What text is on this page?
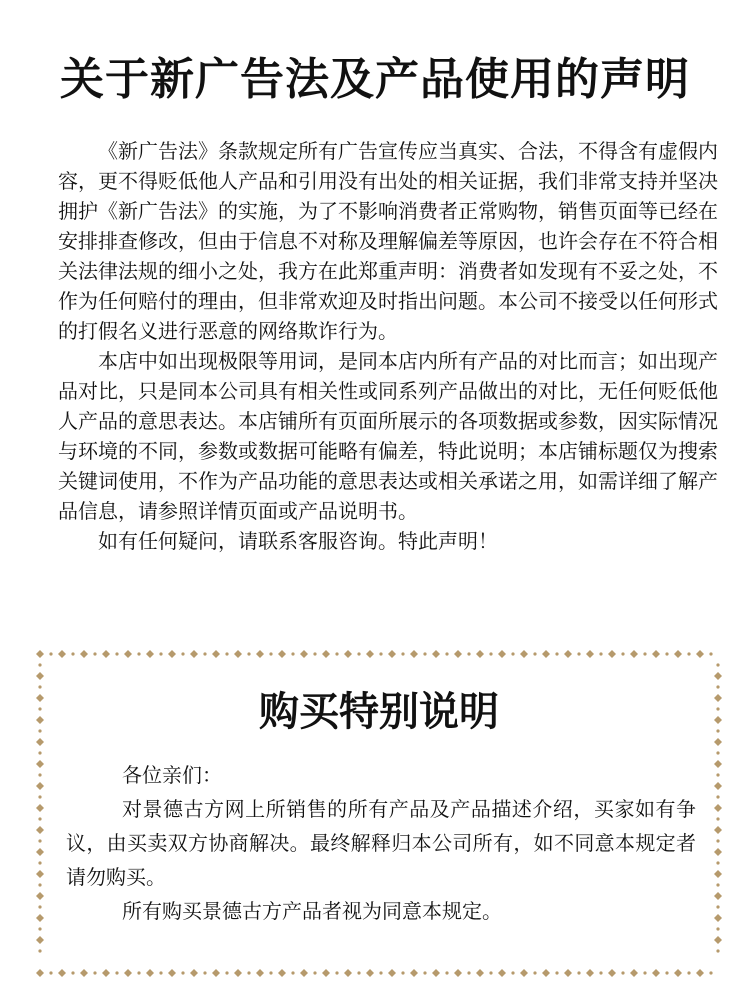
关于新广告法及产品使用的声明

《新广告法》条款规定所有广告宣传应当真实、合法，不得含有虚假内容，更不得贬低他人产品和引用没有出处的相关证据，我们非常支持并坚决拥护《新广告法》的实施，为了不影响消费者正常购物，销售页面等已经在安排排查修改，但由于信息不对称及理解偏差等原因，也许会存在不符合相关法律法规的细小之处，我方在此郑重声明：消费者如发现有不妥之处，不作为任何赔付的理由，但非常欢迎及时指出问题。本公司不接受以任何形式的打假名义进行恶意的网络欺诈行为。

本店中如出现极限等用词，是同本店内所有产品的对比而言；如出现产品对比，只是同本公司具有相关性或同系列产品做出的对比，无任何贬低他人产品的意思表达。本店铺所有页面所展示的各项数据或参数，因实际情况与环境的不同，参数或数据可能略有偏差，特此说明；本店铺标题仅为搜索关键词使用，不作为产品功能的意思表达或相关承诺之用，如需详细了解产品信息，请参照详情页面或产品说明书。

如有任何疑问，请联系客服咨询。特此声明！

购买特别说明

各位亲们：

对景德古方网上所销售的所有产品及产品描述介绍，买家如有争议，由买卖双方协商解决。最终解释归本公司所有，如不同意本规定者请勿购买。

所有购买景德古方产品者视为同意本规定。
